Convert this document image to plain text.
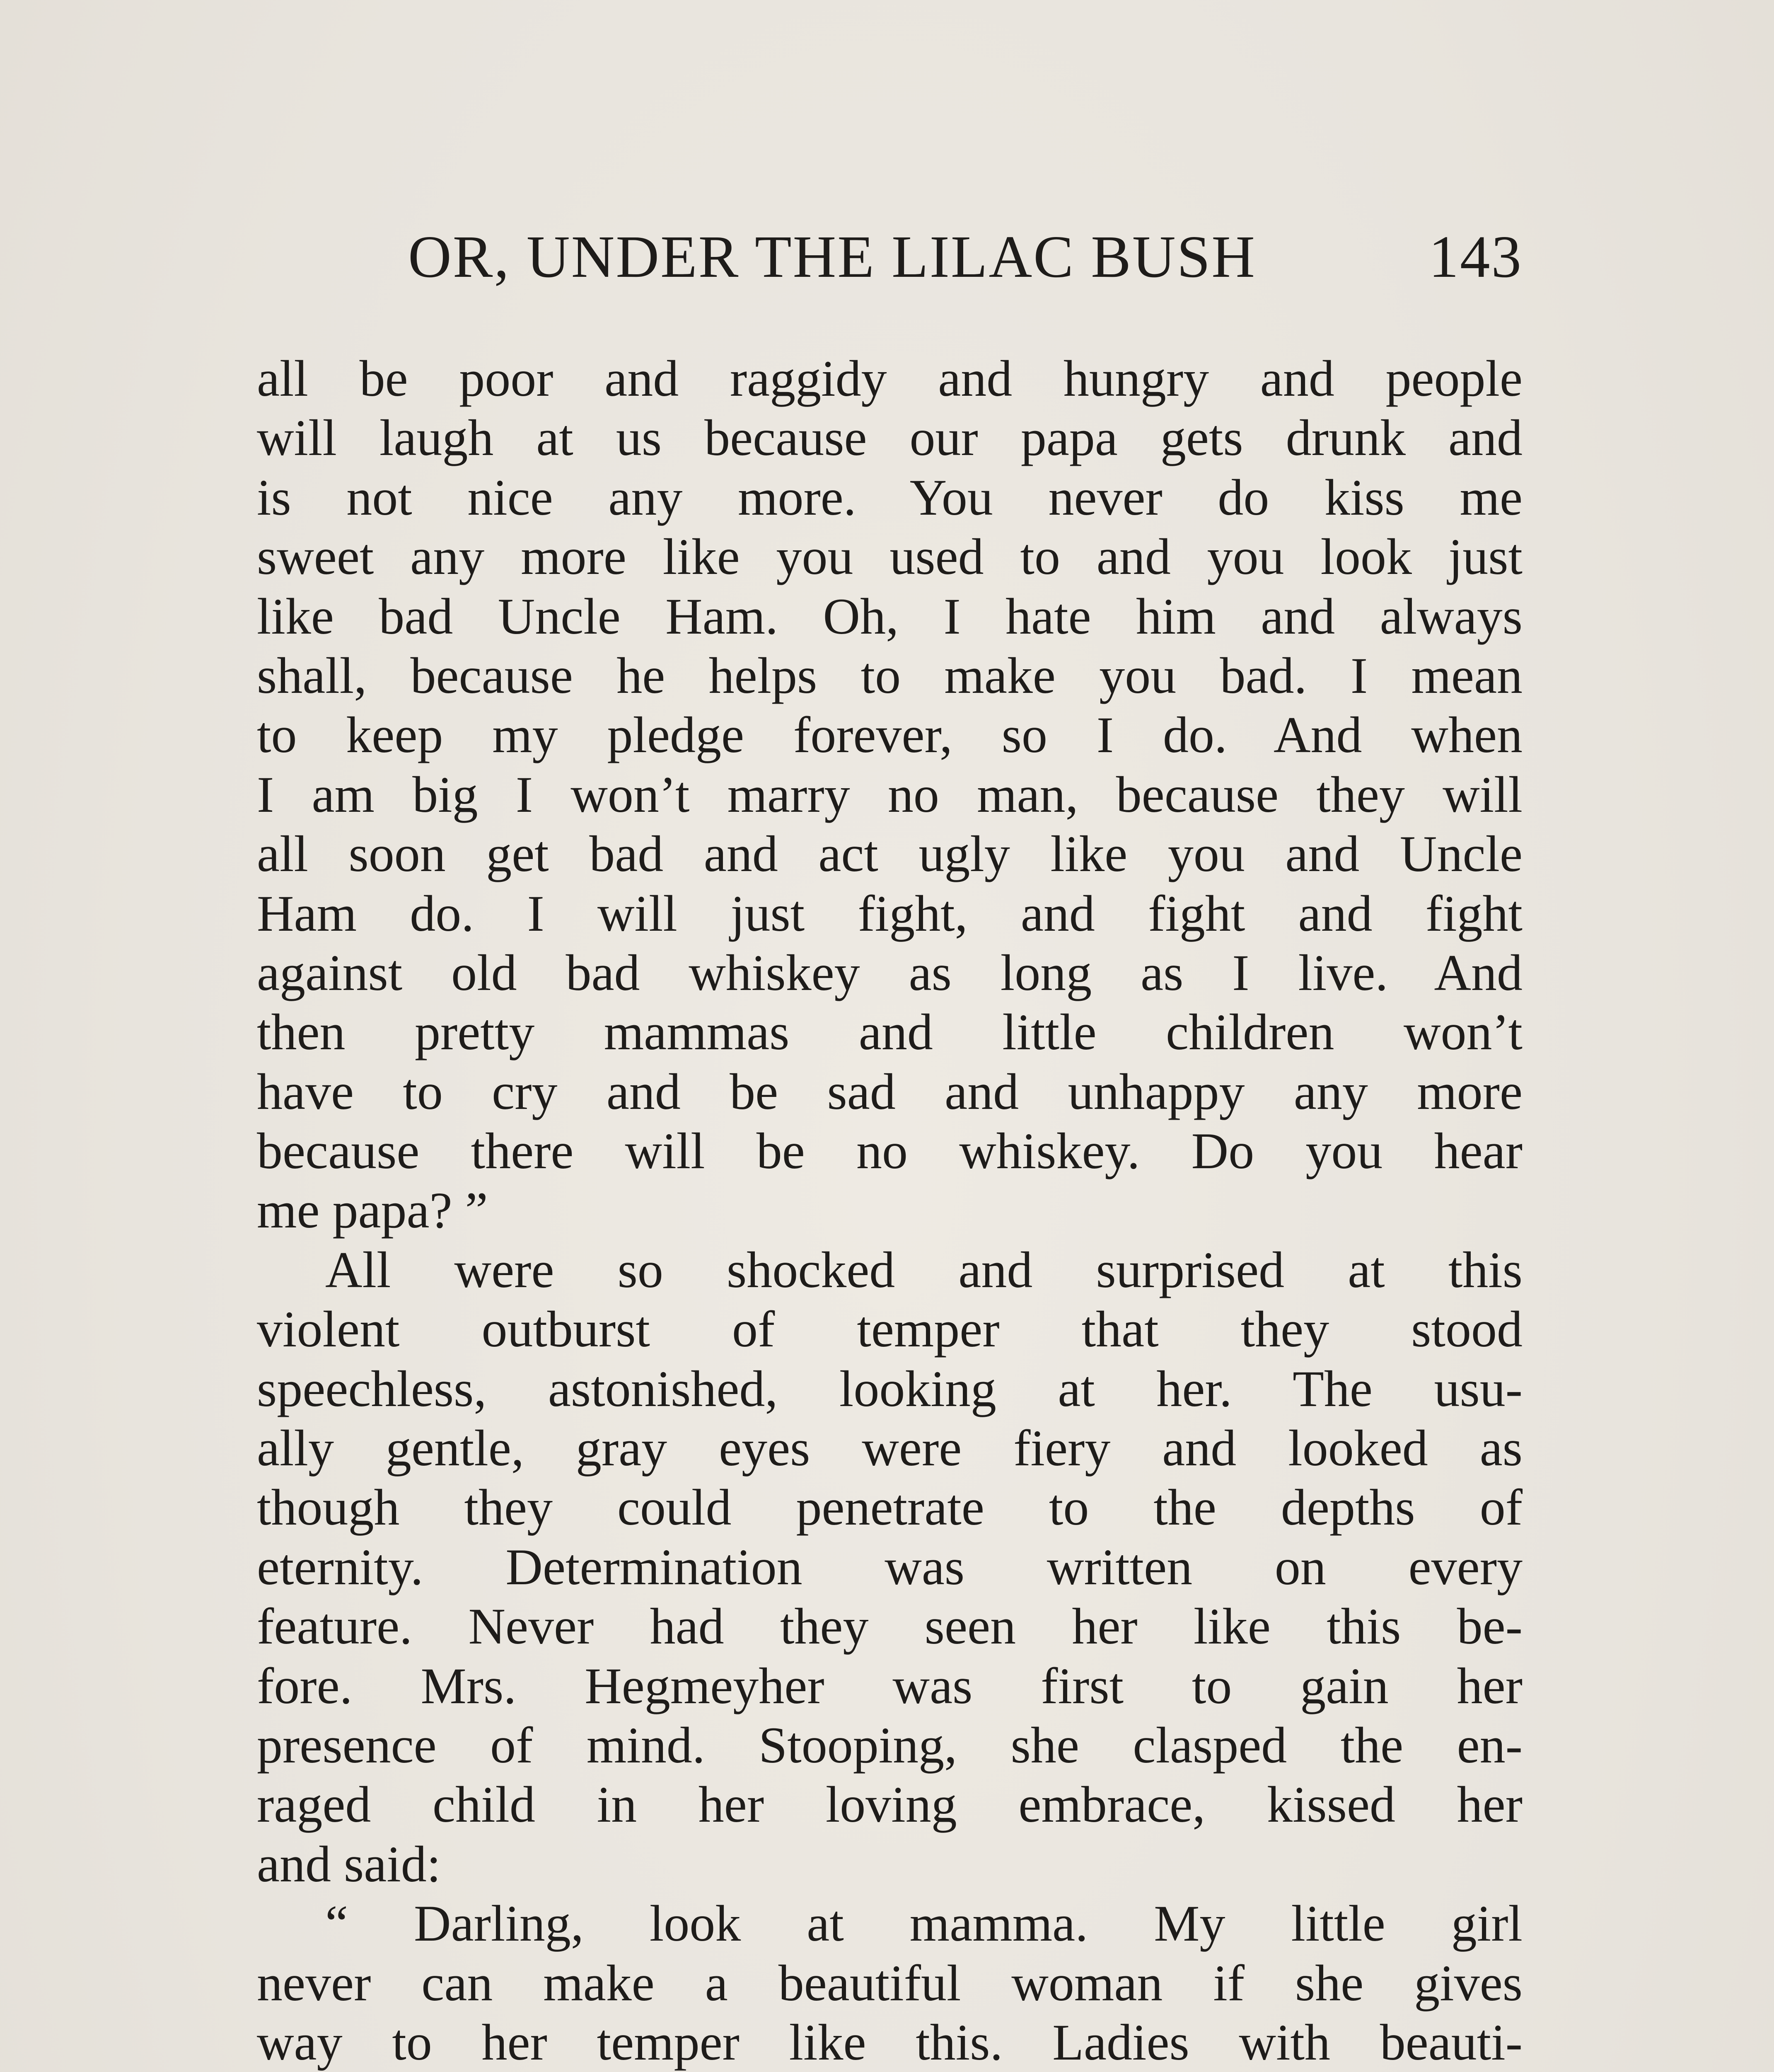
OR, UNDER THE LILAC BUSH	143
all be poor and raggidy and hungry and people
will laugh at us because our papa gets drunk and
is not nice any more. You never do kiss me
sweet any more like you used to and you look just
like bad Uncle Ham. Oh, I hate him and always
shall, because he helps to make you bad. I mean
to keep my pledge forever, so I do. And when
I am big I won’t marry no man, because they will
all soon get bad and act ugly like you and Uncle
Ham do. I will just fight, and fight and fight
against old bad whiskey as long as I live. And
then pretty mammas and little children won’t
have to cry and be sad and unhappy any more
because there will be no whiskey. Do you hear
me papa? ”
All were so shocked and surprised at this
violent outburst of temper that they stood
speechless, astonished, looking at her. The usu-
ally gentle, gray eyes were fiery and looked as
though they could penetrate to the depths of
eternity. Determination was written on every
feature. Never had they seen her like this be-
fore. Mrs. Hegmeyher was first to gain her
presence of mind. Stooping, she clasped the en-
raged child in her loving embrace, kissed her
and said:
“ Darling, look at mamma. My little girl
never can make a beautiful woman if she gives
way to her temper like this. Ladies with beauti-
